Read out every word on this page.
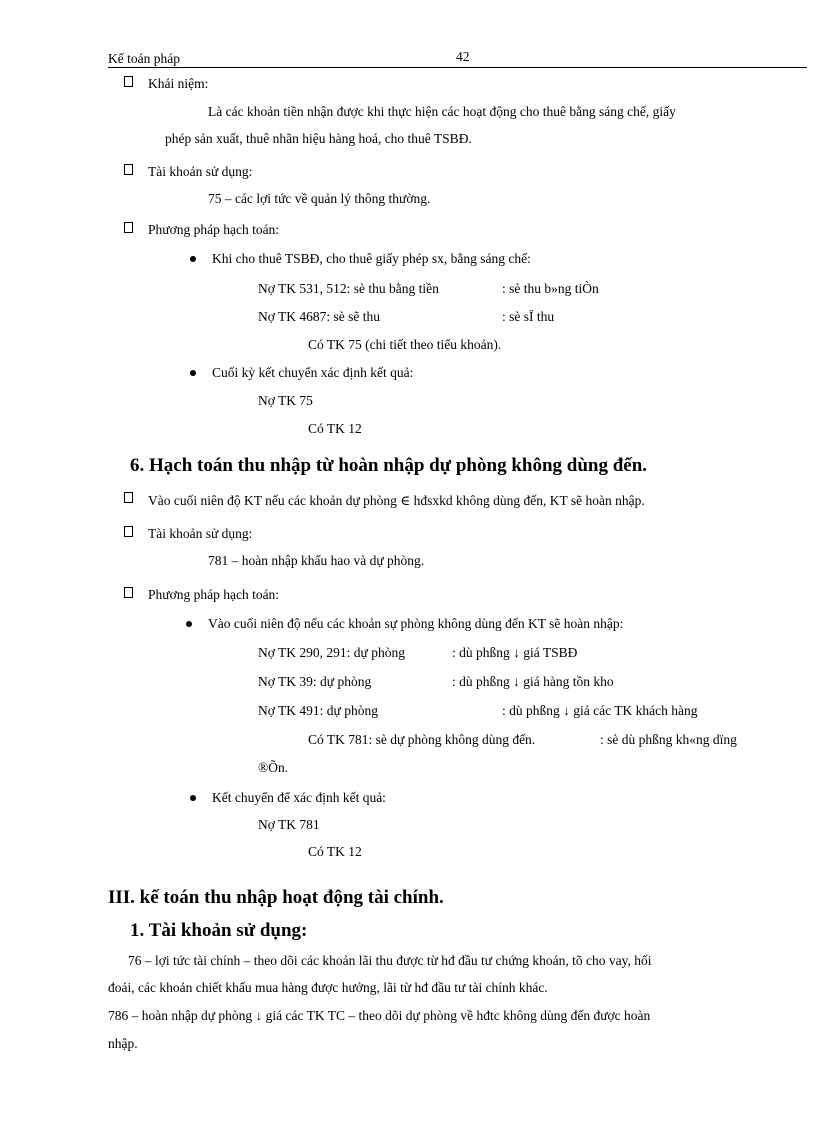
Kế toán pháp	42
Khái niệm:
Là các khoản tiền nhận được khi thực hiện các hoạt động cho thuê bằng sáng chế, giấy
phép sản xuất, thuê nhãn hiệu hàng hoá, cho thuê TSBĐ.
Tài khoản sử dụng:
75 – các lợi tức về quản lý thông thường.
Phương pháp hạch toán:
Khi cho thuê TSBĐ, cho thuê giấy phép sx, bằng sáng chế:
Nợ TK 531, 512: sè thu bằng tiền	: sè thu b»ng tiÒn
Nợ TK 4687: sè sẽ thu	: sè sÏ thu
Có TK 75 (chi tiết theo tiểu khoản).
Cuối kỳ kết chuyển xác định kết quả:
Nợ TK 75
Có TK 12
6. Hạch toán thu nhập từ hoàn nhập dự phòng không dùng đến.
Vào cuối niên độ KT nếu các khoản dự phòng ∈ hđsxkd không dùng đến, KT sẽ hoàn nhập.
Tài khoản sử dụng:
781 – hoàn nhập khấu hao và dự phòng.
Phương pháp hạch toán:
Vào cuối niên độ nếu các khoản sự phòng không dùng đến KT sẽ hoàn nhập:
Nợ TK 290, 291: dự phòng	: dù phßng ↓ giá TSBĐ
Nợ TK 39: dự phòng	: dù phßng ↓ giá hàng tồn kho
Nợ TK 491: dự phòng	: dù phßng ↓ giá các TK khách hàng
Có TK 781: sè dự phòng không dùng đến.	: sè dù phßng kh«ng dïng
®Õn.
Kết chuyển để xác định kết quả:
Nợ TK 781
Có TK 12
III. kế toán thu nhập hoạt động tài chính.
1. Tài khoản sử dụng:
76 – lợi tức tài chính – theo dõi các khoản lãi thu được từ hđ đầu tư chứng khoán, tõ cho vay, hối
đoái, các khoản chiết khấu mua hàng được hưởng, lãi từ hđ đầu tư tài chính khác.
786 – hoàn nhập dự phòng ↓ giá các TK TC – theo dõi dự phòng về hđtc không dùng đến được hoàn
nhập.
